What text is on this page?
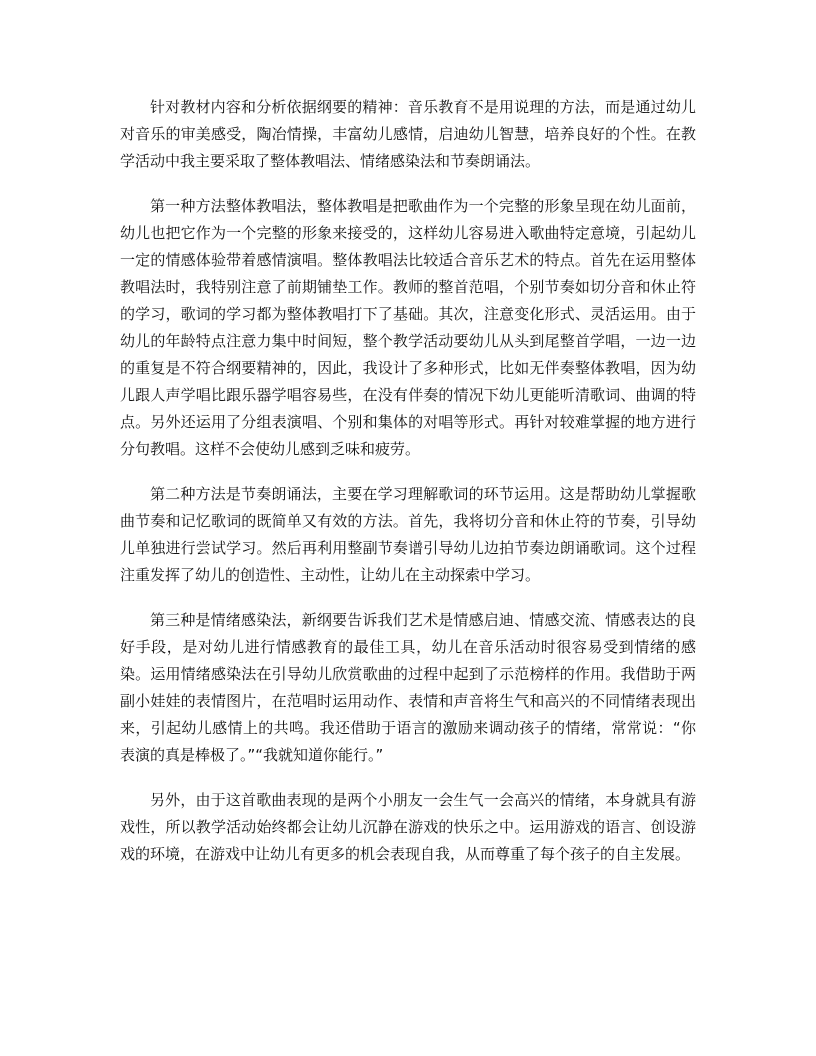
针对教材内容和分析依据纲要的精神：音乐教育不是用说理的方法，而是通过幼儿对音乐的审美感受，陶冶情操，丰富幼儿感情，启迪幼儿智慧，培养良好的个性。在教学活动中我主要采取了整体教唱法、情绪感染法和节奏朗诵法。

第一种方法整体教唱法，整体教唱是把歌曲作为一个完整的形象呈现在幼儿面前，幼儿也把它作为一个完整的形象来接受的，这样幼儿容易进入歌曲特定意境，引起幼儿一定的情感体验带着感情演唱。整体教唱法比较适合音乐艺术的特点。首先在运用整体教唱法时，我特别注意了前期铺垫工作。教师的整首范唱，个别节奏如切分音和休止符的学习，歌词的学习都为整体教唱打下了基础。其次，注意变化形式、灵活运用。由于幼儿的年龄特点注意力集中时间短，整个教学活动要幼儿从头到尾整首学唱，一边一边的重复是不符合纲要精神的，因此，我设计了多种形式，比如无伴奏整体教唱，因为幼儿跟人声学唱比跟乐器学唱容易些，在没有伴奏的情况下幼儿更能听清歌词、曲调的特点。另外还运用了分组表演唱、个别和集体的对唱等形式。再针对较难掌握的地方进行分句教唱。这样不会使幼儿感到乏味和疲劳。

第二种方法是节奏朗诵法，主要在学习理解歌词的环节运用。这是帮助幼儿掌握歌曲节奏和记忆歌词的既简单又有效的方法。首先，我将切分音和休止符的节奏，引导幼儿单独进行尝试学习。然后再利用整副节奏谱引导幼儿边拍节奏边朗诵歌词。这个过程注重发挥了幼儿的创造性、主动性，让幼儿在主动探索中学习。

第三种是情绪感染法，新纲要告诉我们艺术是情感启迪、情感交流、情感表达的良好手段，是对幼儿进行情感教育的最佳工具，幼儿在音乐活动时很容易受到情绪的感染。运用情绪感染法在引导幼儿欣赏歌曲的过程中起到了示范榜样的作用。我借助于两副小娃娃的表情图片，在范唱时运用动作、表情和声音将生气和高兴的不同情绪表现出来，引起幼儿感情上的共鸣。我还借助于语言的激励来调动孩子的情绪，常常说：“你表演的真是棒极了。”“我就知道你能行。”

另外，由于这首歌曲表现的是两个小朋友一会生气一会高兴的情绪，本身就具有游戏性，所以教学活动始终都会让幼儿沉静在游戏的快乐之中。运用游戏的语言、创设游戏的环境，在游戏中让幼儿有更多的机会表现自我，从而尊重了每个孩子的自主发展。
